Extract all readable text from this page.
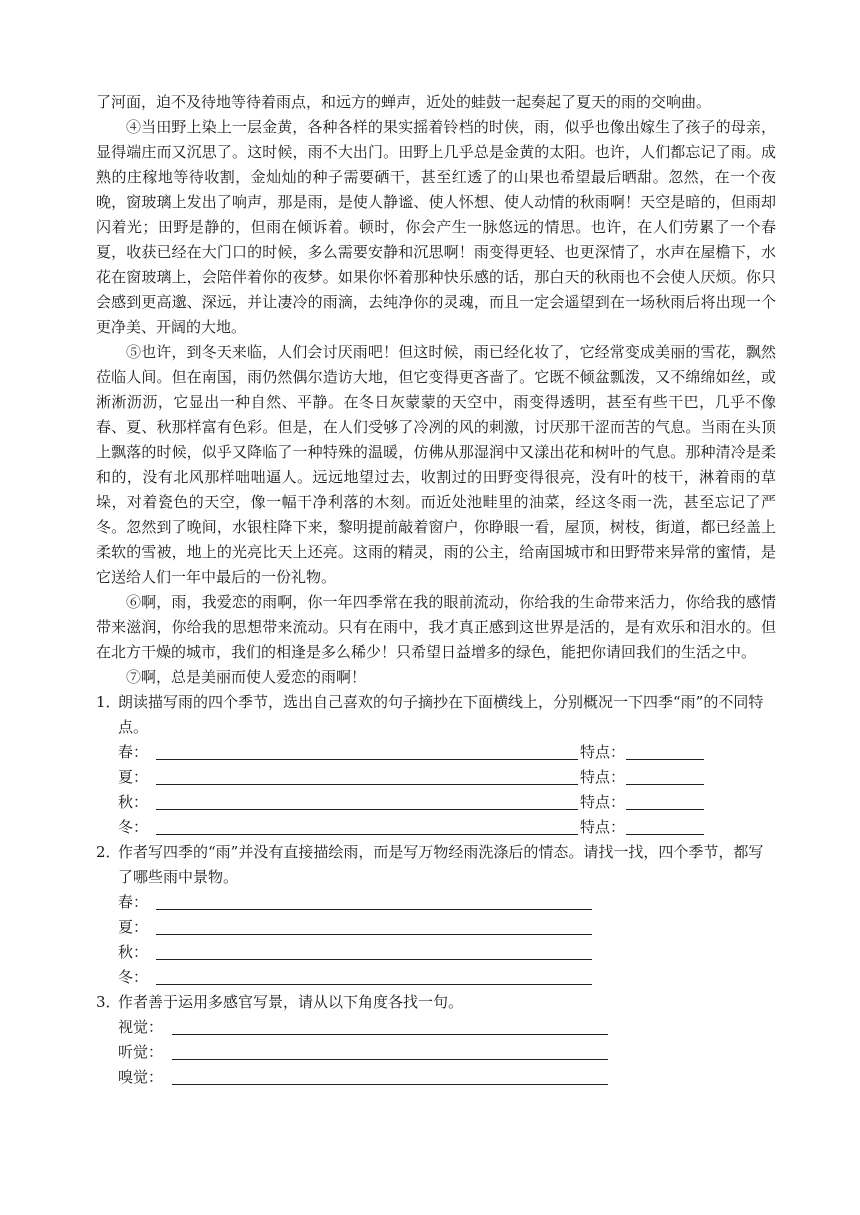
了河面，迫不及待地等待着雨点，和远方的蝉声，近处的蛙鼓一起奏起了夏天的雨的交响曲。

④当田野上染上一层金黄，各种各样的果实摇着铃档的时侠，雨，似乎也像出嫁生了孩子的母亲，显得端庄而又沉思了。这时候，雨不大出门。田野上几乎总是金黄的太阳。也许，人们都忘记了雨。成熟的庄稼地等待收割，金灿灿的种子需要硒干，甚至红透了的山果也希望最后晒甜。忽然，在一个夜晚，窗玻璃上发出了响声，那是雨，是使人静谧、使人怀想、使人动情的秋雨啊！天空是暗的，但雨却闪着光；田野是静的，但雨在倾诉着。顿时，你会产生一脉悠远的情思。也许，在人们劳累了一个春夏，收获已经在大门口的时候，多么需要安静和沉思啊！雨变得更轻、也更深情了，水声在屋檐下，水花在窗玻璃上，会陪伴着你的夜梦。如果你怀着那种快乐感的话，那白天的秋雨也不会使人厌烦。你只会感到更高邈、深远，并让凄冷的雨滴，去纯净你的灵魂，而且一定会遥望到在一场秋雨后将出现一个更净美、开阔的大地。

⑤也许，到冬天来临，人们会讨厌雨吧！但这时候，雨已经化妆了，它经常变成美丽的雪花，飘然莅临人间。但在南国，雨仍然偶尔造访大地，但它变得更吝啬了。它既不倾盆瓢泼，又不绵绵如丝，或淅淅沥沥，它显出一种自然、平静。在冬日灰蒙蒙的天空中，雨变得透明，甚至有些干巴，几乎不像春、夏、秋那样富有色彩。但是，在人们受够了冷冽的风的刺激，讨厌那干涩而苦的气息。当雨在头顶上飘落的时候，似乎又降临了一种特殊的温暖，仿佛从那湿润中又漾出花和树叶的气息。那种清冷是柔和的，没有北风那样咄咄逼人。远远地望过去，收割过的田野变得很亮，没有叶的枝干，淋着雨的草垛，对着瓷色的天空，像一幅干净利落的木刻。而近处池畦里的油菜，经这冬雨一洗，甚至忘记了严冬。忽然到了晚间，水银柱降下来，黎明提前敲着窗户，你睁眼一看，屋顶，树枝，街道，都已经盖上柔软的雪被，地上的光亮比天上还亮。这雨的精灵，雨的公主，给南国城市和田野带来异常的蜜情，是它送给人们一年中最后的一份礼物。

⑥啊，雨，我爱恋的雨啊，你一年四季常在我的眼前流动，你给我的生命带来活力，你给我的感情带来滋润，你给我的思想带来流动。只有在雨中，我才真正感到这世界是活的，是有欢乐和泪水的。但在北方干燥的城市，我们的相逢是多么稀少！只希望日益增多的绿色，能把你请回我们的生活之中。

⑦啊，总是美丽而使人爱恋的雨啊！

1．
朗读描写雨的四个季节，选出自己喜欢的句子摘抄在下面横线上，分别概况一下四季“雨”的不同特点。

春：	特点：
夏：	特点：
秋：	特点：
冬：	特点：

2．
作者写四季的“雨”并没有直接描绘雨，而是写万物经雨洗涤后的情态。请找一找，四个季节，都写了哪些雨中景物。

春：
夏：
秋：
冬：

3．
作者善于运用多感官写景，请从以下角度各找一句。

视觉：
听觉：
嗅觉：
